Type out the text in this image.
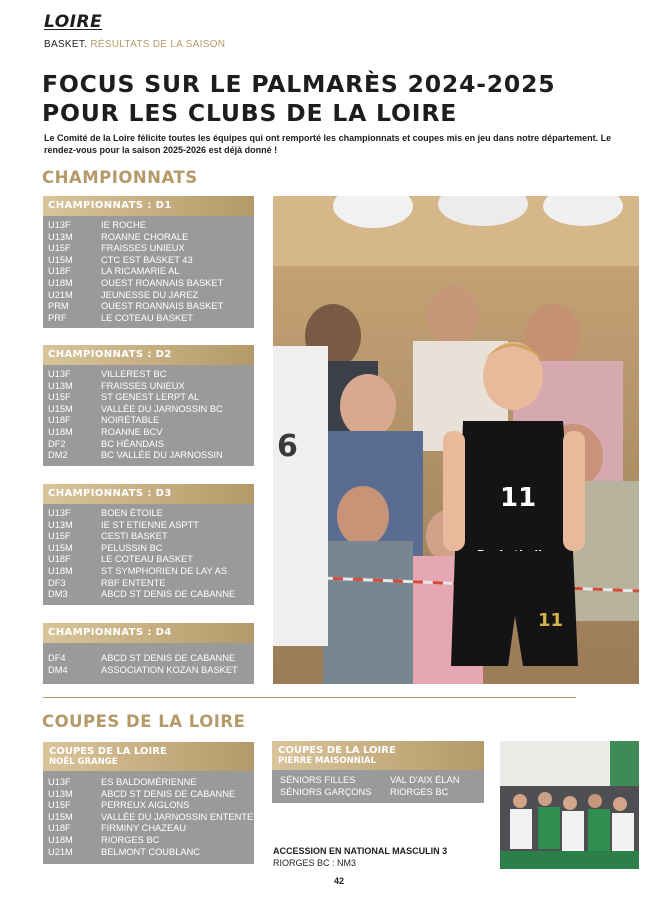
LOIRE
BASKET. RÉSULTATS DE LA SAISON
FOCUS SUR LE PALMARÈS 2024-2025
POUR LES CLUBS DE LA LOIRE
Le Comité de la Loire félicite toutes les équipes qui ont remporté les championnats et coupes mis en jeu dans notre département. Le rendez-vous pour la saison 2025-2026 est déjà donné !
CHAMPIONNATS
CHAMPIONNATS : D1
U13F	IE ROCHE
U13M	ROANNE CHORALE
U15F	FRAISSES UNIEUX
U15M	CTC EST BASKET 43
U18F	LA RICAMARIE AL
U18M	OUEST ROANNAIS BASKET
U21M	JEUNESSE DU JAREZ
PRM	OUEST ROANNAIS BASKET
PRF	LE COTEAU BASKET
CHAMPIONNATS : D2
U13F	VILLEREST BC
U13M	FRAISSES UNIEUX
U15F	ST GENEST LERPT AL
U15M	VALLÉE DU JARNOSSIN BC
U18F	NOIRÉTABLE
U18M	ROANNE BCV
DF2	BC HÉANDAIS
DM2	BC VALLÉE DU JARNOSSIN
CHAMPIONNATS : D3
U13F	BOEN ÉTOILE
U13M	IE ST ETIENNE ASPTT
U15F	CESTI BASKET
U15M	PELUSSIN BC
U18F	LE COTEAU BASKET
U18M	ST SYMPHORIEN DE LAY AS
DF3	RBF ENTENTE
DM3	ABCD ST DENIS DE CABANNE
CHAMPIONNATS : D4
DF4	ABCD ST DENIS DE CABANNE
DM4	ASSOCIATION KOZAN BASKET
6
11
11
COUPES DE LA LOIRE
COUPES DE LA LOIRE
NOËL GRANGE
U13F	ES BALDOMÉRIENNE
U13M	ABCD ST DENIS DE CABANNE
U15F	PERREUX AIGLONS
U15M	VALLÉE DU JARNOSSIN ENTENTE
U18F	FIRMINY CHAZEAU
U18M	RIORGES BC
U21M	BELMONT COUBLANC
COUPES DE LA LOIRE
PIERRE MAISONNIAL
SÉNIORS FILLES	VAL D'AIX ÉLAN
SÉNIORS GARÇONS	RIORGES BC
ACCESSION EN NATIONAL MASCULIN 3
RIORGES BC : NM3
42
